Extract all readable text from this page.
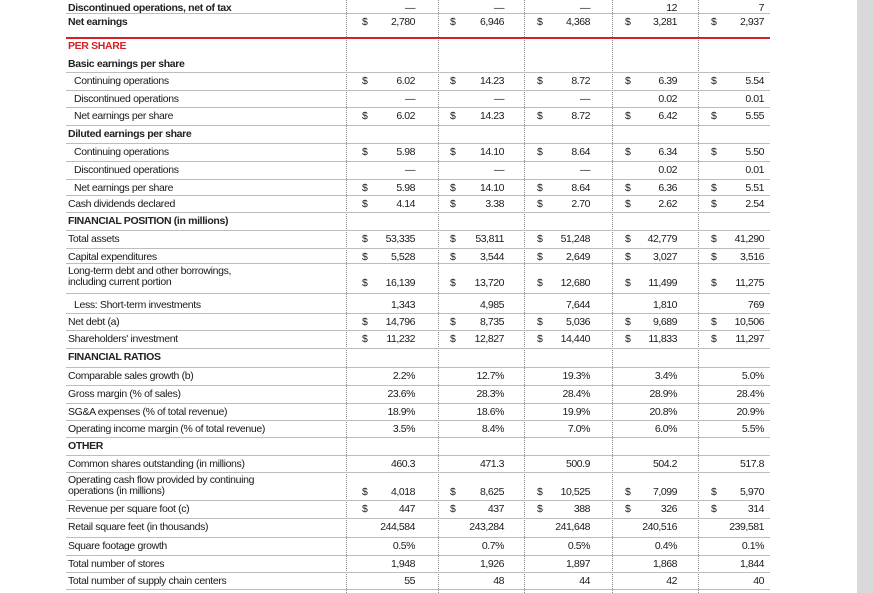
Discontinued operations, net of tax	—	—	—	12	7
Net earnings	$ 2,780	$ 6,946	$ 4,368	$ 3,281	$ 2,937
PER SHARE
Basic earnings per share
Continuing operations	$	6.02	$ 14.23	$	8.72	$	6.39	$	5.54
Discontinued operations	—	—	—	0.02	0.01
Net earnings per share	$	6.02	$ 14.23	$	8.72	$	6.42	$	5.55
Diluted earnings per share
Continuing operations	$	5.98	$ 14.10	$	8.64	$	6.34	$	5.50
Discontinued operations	—	—	—	0.02	0.01
Net earnings per share	$	5.98	$ 14.10	$	8.64	$	6.36	$	5.51
Cash dividends declared	$	4.14	$	3.38	$	2.70	$	2.62	$	2.54
FINANCIAL POSITION (in millions)
Total assets	$ 53,335	$ 53,811	$ 51,248	$ 42,779	$ 41,290
Capital expenditures	$ 5,528	$ 3,544	$ 2,649	$ 3,027	$ 3,516
Long-term debt and other borrowings, including current portion	$ 16,139	$ 13,720	$ 12,680	$ 11,499	$ 11,275
Less: Short-term investments	1,343	4,985	7,644	1,810	769
Net debt (a)	$ 14,796	$ 8,735	$ 5,036	$ 9,689	$ 10,506
Shareholders' investment	$ 11,232	$ 12,827	$ 14,440	$ 11,833	$ 11,297
FINANCIAL RATIOS
Comparable sales growth (b)	2.2%	12.7%	19.3%	3.4%	5.0%
Gross margin (% of sales)	23.6%	28.3%	28.4%	28.9%	28.4%
SG&A expenses (% of total revenue)	18.9%	18.6%	19.9%	20.8%	20.9%
Operating income margin (% of total revenue)	3.5%	8.4%	7.0%	6.0%	5.5%
OTHER
Common shares outstanding (in millions)	460.3	471.3	500.9	504.2	517.8
Operating cash flow provided by continuing operations (in millions)	$ 4,018	$ 8,625	$ 10,525	$ 7,099	$ 5,970
Revenue per square foot (c)	$	447	$	437	$	388	$	326	$	314
Retail square feet (in thousands)	244,584	243,284	241,648	240,516	239,581
Square footage growth	0.5%	0.7%	0.5%	0.4%	0.1%
Total number of stores	1,948	1,926	1,897	1,868	1,844
Total number of supply chain centers	55	48	44	42	40
